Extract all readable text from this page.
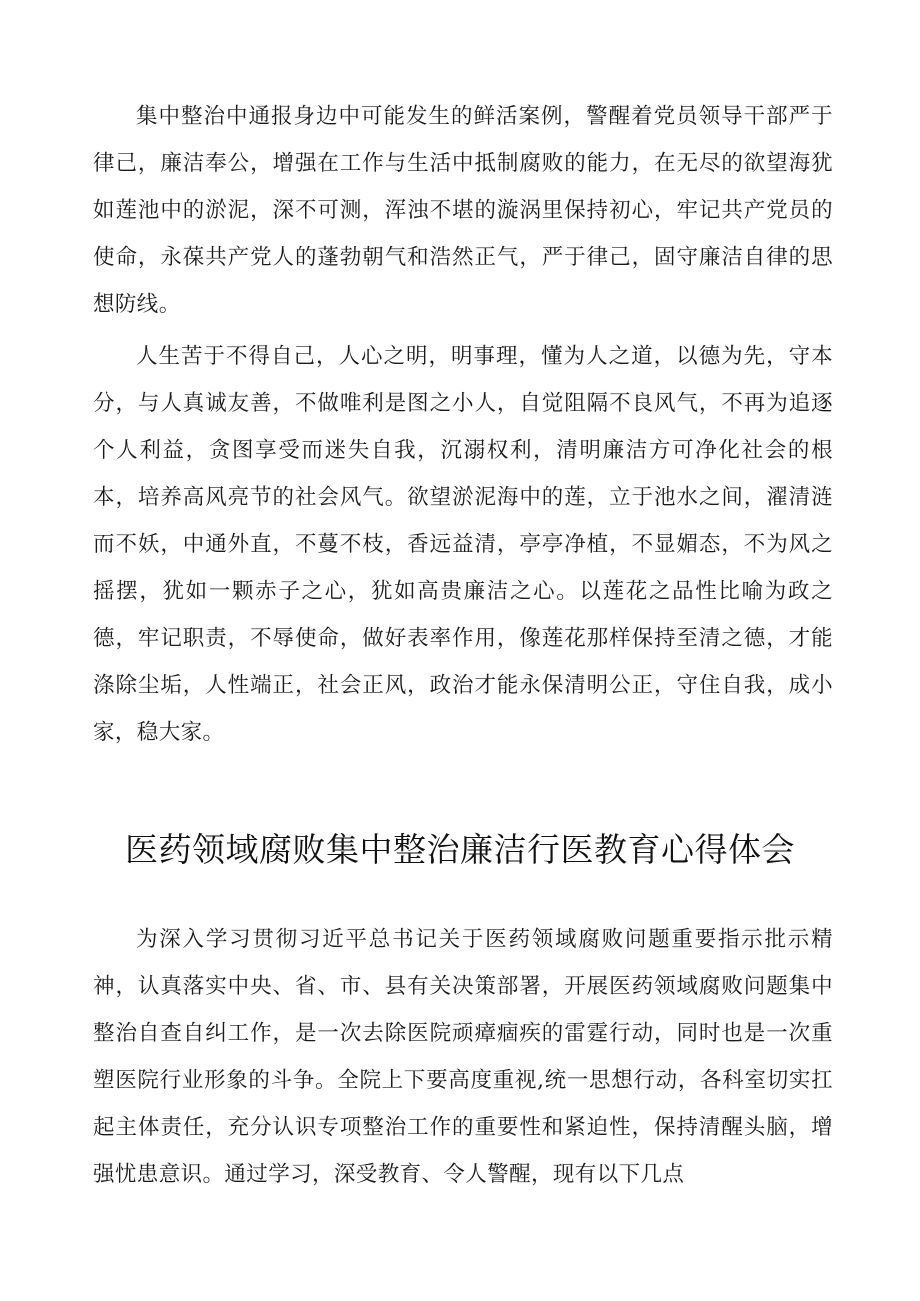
集中整治中通报身边中可能发生的鲜活案例，警醒着党员领导干部严于律己，廉洁奉公，增强在工作与生活中抵制腐败的能力，在无尽的欲望海犹如莲池中的淤泥，深不可测，浑浊不堪的漩涡里保持初心，牢记共产党员的使命，永葆共产党人的蓬勃朝气和浩然正气，严于律己，固守廉洁自律的思想防线。

人生苦于不得自己，人心之明，明事理，懂为人之道，以德为先，守本分，与人真诚友善，不做唯利是图之小人，自觉阻隔不良风气，不再为追逐个人利益，贪图享受而迷失自我，沉溺权利，清明廉洁方可净化社会的根本，培养高风亮节的社会风气。欲望淤泥海中的莲，立于池水之间，濯清涟而不妖，中通外直，不蔓不枝，香远益清，亭亭净植，不显媚态，不为风之摇摆，犹如一颗赤子之心，犹如高贵廉洁之心。以莲花之品性比喻为政之德，牢记职责，不辱使命，做好表率作用，像莲花那样保持至清之德，才能涤除尘垢，人性端正，社会正风，政治才能永保清明公正，守住自我，成小家，稳大家。

医药领域腐败集中整治廉洁行医教育心得体会

为深入学习贯彻习近平总书记关于医药领域腐败问题重要指示批示精神，认真落实中央、省、市、县有关决策部署，开展医药领域腐败问题集中整治自查自纠工作，是一次去除医院顽瘴痼疾的雷霆行动，同时也是一次重塑医院行业形象的斗争。全院上下要高度重视,统一思想行动，各科室切实扛起主体责任，充分认识专项整治工作的重要性和紧迫性，保持清醒头脑，增强忧患意识。通过学习，深受教育、令人警醒，现有以下几点
